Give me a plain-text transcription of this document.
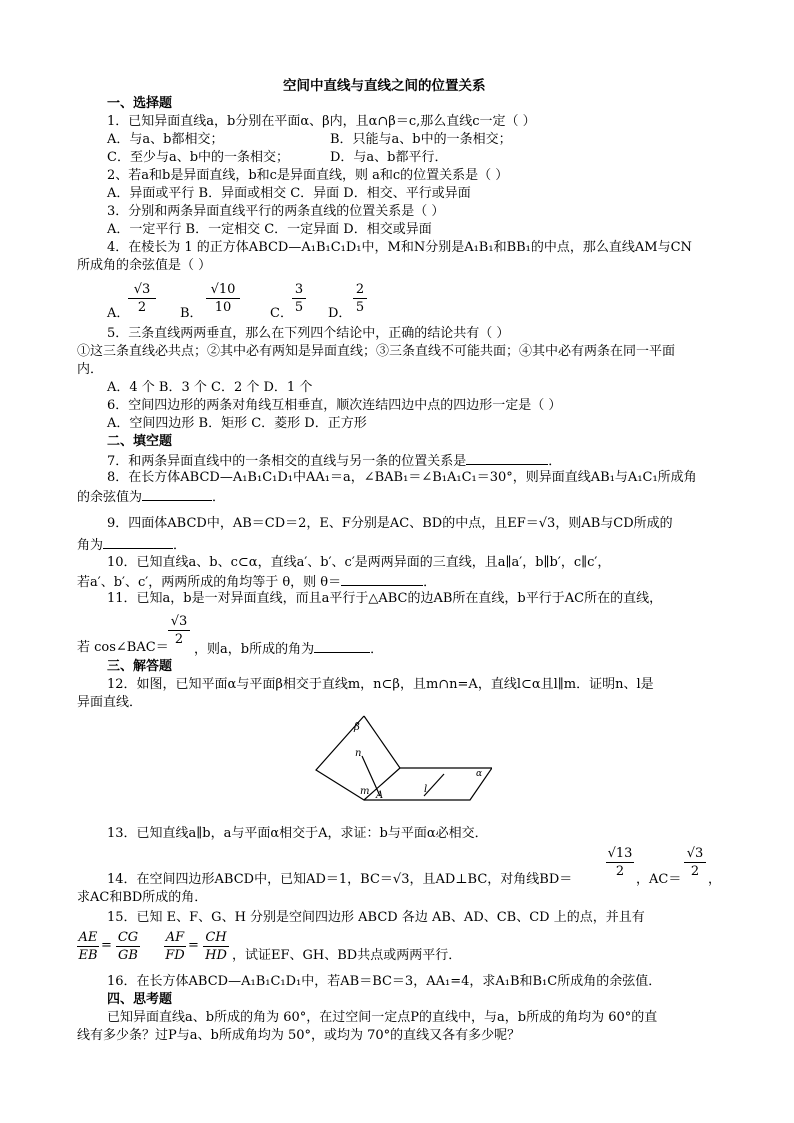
空间中直线与直线之间的位置关系
一、选择题
1．已知异面直线a，b分别在平面α、β内，且α∩β＝c,那么直线c一定（ ）
A．与a、b都相交；	B．只能与a、b中的一条相交；
C．至少与a、b中的一条相交；	D．与a、b都平行．
2、若a和b是异面直线，b和c是异面直线，则 a和c的位置关系是（ ）
A．异面或平行 B．异面或相交 C．异面 D．相交、平行或异面
3．分别和两条异面直线平行的两条直线的位置关系是（ ）
A．一定平行 B．一定相交 C．一定异面 D．相交或异面
4．在棱长为 1 的正方体ABCD—A₁B₁C₁D₁中，M和N分别是A₁B₁和BB₁的中点，那么直线AM与CN
所成角的余弦值是（ ）
A．
√3
2	B．
√10
10	C．
3
5 D．
2
5
5．三条直线两两垂直，那么在下列四个结论中，正确的结论共有（ ）
①这三条直线必共点；②其中必有两知是异面直线；③三条直线不可能共面；④其中必有两条在同一平面
内．
A．4 个 B．3 个 C．2 个 D．1 个
6．空间四边形的两条对角线互相垂直，顺次连结四边中点的四边形一定是（ ）
A．空间四边形 B．矩形 C．菱形 D．正方形
二、填空题
7．和两条异面直线中的一条相交的直线与另一条的位置关系是	．
8．在长方体ABCD—A₁B₁C₁D₁中AA₁＝a，∠BAB₁＝∠B₁A₁C₁＝30°，则异面直线AB₁与A₁C₁所成角
的余弦值为	．
9．四面体ABCD中，AB＝CD＝2，E、F分别是AC、BD的中点，且EF＝√3，则AB与CD所成的
角为	．
10．已知直线a、b、c⊂α，直线a′、b′、c′是两两异面的三直线，且a∥a′，b∥b′，c∥c′，
若a′、b′、c′，两两所成的角均等于 θ，则 θ＝	．
11．已知a，b是一对异面直线，而且a平行于△ABC的边AB所在直线，b平行于AC所在的直线，
若 cos∠BAC＝
√3
2
，则a，b所成的角为	．
三、解答题
12．如图，已知平面α与平面β相交于直线m，n⊂β，且m∩n=A，直线l⊂α且l∥m．证明n、l是
异面直线．
β
α
n
m A
l
13．已知直线a∥b，a与平面α相交于A，求证：b与平面α必相交．
√13
2
√3
2
14．在空间四边形ABCD中，已知AD＝1，BC＝√3，且AD⊥BC，对角线BD＝	，AC＝ ，
求AC和BD所成的角．
15．已知 E、F、G、H 分别是空间四边形 ABCD 各边 AB、AD、CB、CD 上的点，并且有
AE
EB
=
CG
GB
AF
FD
=
CH
HD ，试证EF、GH、BD共点或两两平行．
16．在长方体ABCD—A₁B₁C₁D₁中，若AB＝BC＝3，AA₁=4，求A₁B和B₁C所成角的余弦值．
四、思考题
已知异面直线a、b所成的角为 60°，在过空间一定点P的直线中，与a，b所成的角均为 60°的直
线有多少条？过P与a、b所成角均为 50°，或均为 70°的直线又各有多少呢？
